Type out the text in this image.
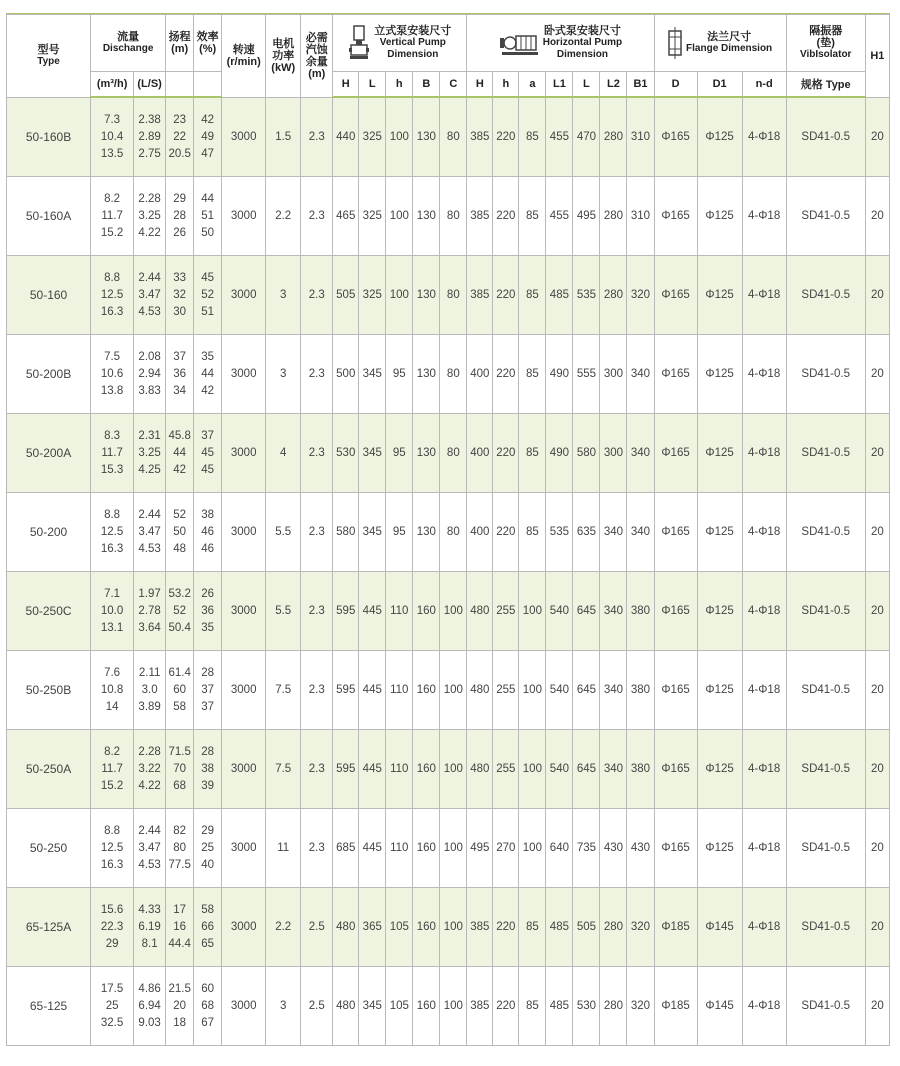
型号
Type	流量
Dischange		扬程
(m)	效率
(%)	转速
(r/min)	电机
功率
(kW)	必需
汽蚀
余量
(m)	立式泵安装尺寸
Vertical Pump
Dimension					卧式泵安装尺寸
Horizontal Pump
Dimension							法兰尺寸
Flange Dimension			隔振器
(垫)
VibIsolator	H1
	(m³/h)	(L/S)						H	L	h	B	C	H	h	a	L1	L	L2	B1	D	D1	n-d	规格 Type	
50-160B	7.3
10.4
13.5	2.38
2.89
2.75	23
22
20.5	42
49
47	3000	1.5	2.3	440	325	100	130	80	385	220	85	455	470	280	310	Φ165	Φ125	4-Φ18	SD41-0.5	20
50-160A	8.2
11.7
15.2	2.28
3.25
4.22	29
28
26	44
51
50	3000	2.2	2.3	465	325	100	130	80	385	220	85	455	495	280	310	Φ165	Φ125	4-Φ18	SD41-0.5	20
50-160	8.8
12.5
16.3	2.44
3.47
4.53	33
32
30	45
52
51	3000	3	2.3	505	325	100	130	80	385	220	85	485	535	280	320	Φ165	Φ125	4-Φ18	SD41-0.5	20
50-200B	7.5
10.6
13.8	2.08
2.94
3.83	37
36
34	35
44
42	3000	3	2.3	500	345	95	130	80	400	220	85	490	555	300	340	Φ165	Φ125	4-Φ18	SD41-0.5	20
50-200A	8.3
11.7
15.3	2.31
3.25
4.25	45.8
44
42	37
45
45	3000	4	2.3	530	345	95	130	80	400	220	85	490	580	300	340	Φ165	Φ125	4-Φ18	SD41-0.5	20
50-200	8.8
12.5
16.3	2.44
3.47
4.53	52
50
48	38
46
46	3000	5.5	2.3	580	345	95	130	80	400	220	85	535	635	340	340	Φ165	Φ125	4-Φ18	SD41-0.5	20
50-250C	7.1
10.0
13.1	1.97
2.78
3.64	53.2
52
50.4	26
36
35	3000	5.5	2.3	595	445	110	160	100	480	255	100	540	645	340	380	Φ165	Φ125	4-Φ18	SD41-0.5	20
50-250B	7.6
10.8
14	2.11
3.0
3.89	61.4
60
58	28
37
37	3000	7.5	2.3	595	445	110	160	100	480	255	100	540	645	340	380	Φ165	Φ125	4-Φ18	SD41-0.5	20
50-250A	8.2
11.7
15.2	2.28
3.22
4.22	71.5
70
68	28
38
39	3000	7.5	2.3	595	445	110	160	100	480	255	100	540	645	340	380	Φ165	Φ125	4-Φ18	SD41-0.5	20
50-250	8.8
12.5
16.3	2.44
3.47
4.53	82
80
77.5	29
25
40	3000	11	2.3	685	445	110	160	100	495	270	100	640	735	430	430	Φ165	Φ125	4-Φ18	SD41-0.5	20
65-125A	15.6
22.3
29	4.33
6.19
8.1	17
16
44.4	58
66
65	3000	2.2	2.5	480	365	105	160	100	385	220	85	485	505	280	320	Φ185	Φ145	4-Φ18	SD41-0.5	20
65-125	17.5
25
32.5	4.86
6.94
9.03	21.5
20
18	60
68
67	3000	3	2.5	480	345	105	160	100	385	220	85	485	530	280	320	Φ185	Φ145	4-Φ18	SD41-0.5	20
